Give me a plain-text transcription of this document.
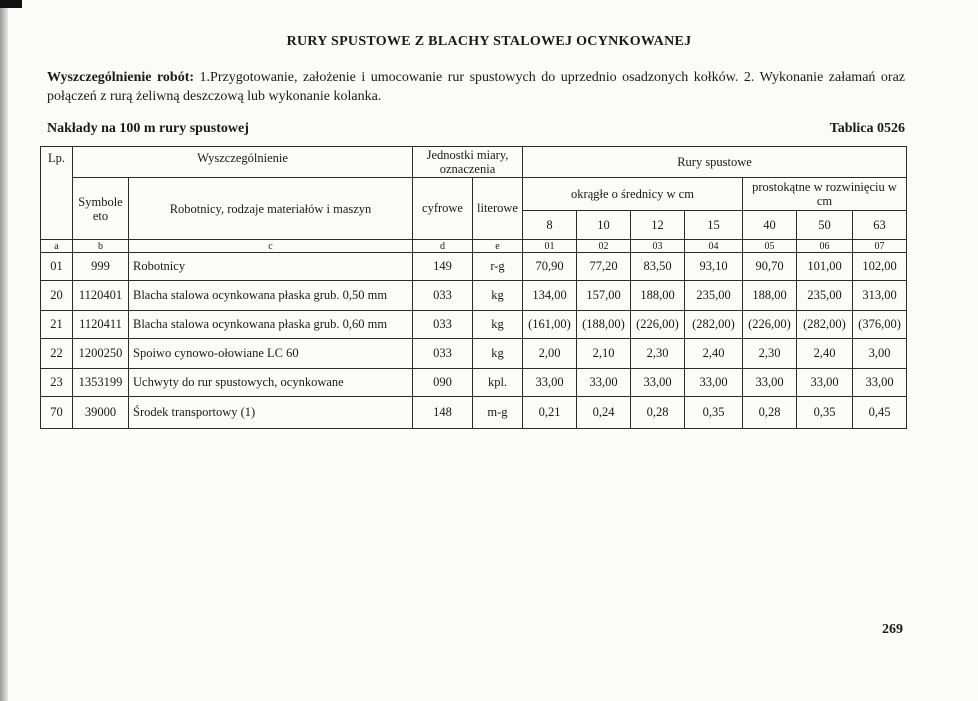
RURY SPUSTOWE Z BLACHY STALOWEJ OCYNKOWANEJ
Wyszczególnienie robót: 1.Przygotowanie, założenie i umocowanie rur spustowych do uprzednio osadzonych kołków. 2. Wykonanie załamań oraz połączeń z rurą żeliwną deszczową lub wykonanie kolanka.
Nakłady na 100 m rury spustowej	Tablica 0526
Lp.	Wyszczególnienie		Jednostki miary, oznaczenia		Rury spustowe						
	Symbole eto	Robotnicy, rodzaje materiałów i maszyn	cyfrowe	literowe	okrągłe o średnicy w cm				prostokątne w rozwinięciu w cm		
					8	10	12	15	40	50	63
a	b	c	d	e	01	02	03	04	05	06	07
01	999	Robotnicy	149	r-g	70,90	77,20	83,50	93,10	90,70	101,00	102,00
20	1120401	Blacha stalowa ocynkowana płaska grub. 0,50 mm	033	kg	134,00	157,00	188,00	235,00	188,00	235,00	313,00
21	1120411	Blacha stalowa ocynkowana płaska grub. 0,60 mm	033	kg	(161,00)	(188,00)	(226,00)	(282,00)	(226,00)	(282,00)	(376,00)
22	1200250	Spoiwo cynowo-ołowiane LC 60	033	kg	2,00	2,10	2,30	2,40	2,30	2,40	3,00
23	1353199	Uchwyty do rur spustowych, ocynkowane	090	kpl.	33,00	33,00	33,00	33,00	33,00	33,00	33,00
70	39000	Środek transportowy (1)	148	m-g	0,21	0,24	0,28	0,35	0,28	0,35	0,45
269
